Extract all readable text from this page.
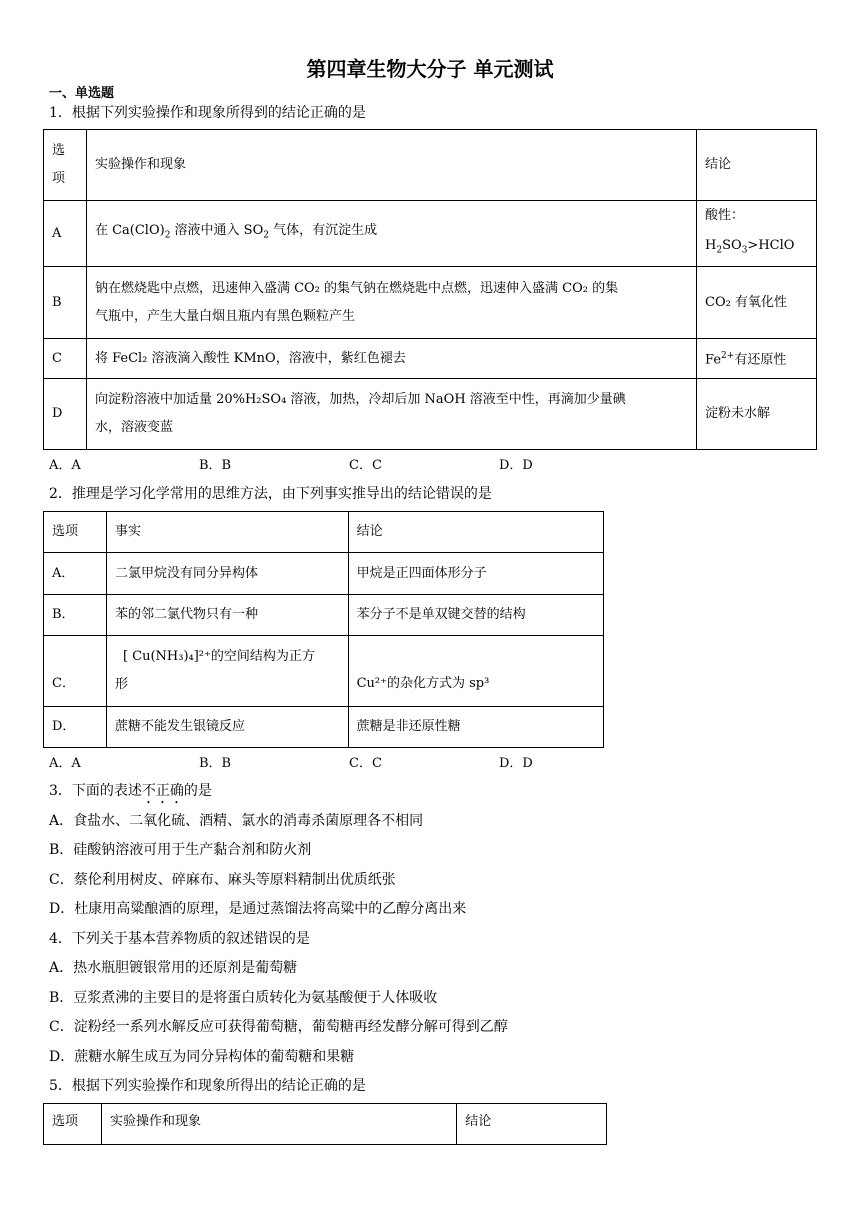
第四章生物大分子 单元测试
一、单选题
1．根据下列实验操作和现象所得到的结论正确的是
选项	实验操作和现象	结论
A	在 $Ca(ClO)_2$ 溶液中通入 $SO_2$ 气体，有沉淀生成	酸性：$H_2SO_3>HClO$
B	钠在燃烧匙中点燃，迅速伸入盛满 CO₂ 的集气钠在燃烧匙中点燃，迅速伸入盛满 CO₂ 的集
气瓶中，产生大量白烟且瓶内有黑色颗粒产生	CO₂ 有氧化性
C	将 FeCl₂ 溶液滴入酸性 KMnO，溶液中，紫红色褪去	$Fe^{2+}$有还原性
D	向淀粉溶液中加适量 20%H₂SO₄ 溶液，加热，冷却后加 NaOH 溶液至中性，再滴加少量碘
水，溶液变蓝	淀粉未水解
A．A	B．B	C．C	D．D
2．推理是学习化学常用的思维方法，由下列事实推导出的结论错误的是
选项	事实	结论
A．	二氯甲烷没有同分异构体	甲烷是正四面体形分子
B．	苯的邻二氯代物只有一种	苯分子不是单双键交替的结构
C．	[ Cu(NH₃)₄]²⁺的空间结构为正方
形	Cu²⁺的杂化方式为 sp³
D．	蔗糖不能发生银镜反应	蔗糖是非还原性糖
A．A	B．B	C．C	D．D
3．下面的表述不正确的是
A．食盐水、二氧化硫、酒精、氯水的消毒杀菌原理各不相同
B．硅酸钠溶液可用于生产黏合剂和防火剂
C．蔡伦利用树皮、碎麻布、麻头等原料精制出优质纸张
D．杜康用高粱酿酒的原理，是通过蒸馏法将高粱中的乙醇分离出来
4．下列关于基本营养物质的叙述错误的是
A．热水瓶胆镀银常用的还原剂是葡萄糖
B．豆浆煮沸的主要目的是将蛋白质转化为氨基酸便于人体吸收
C．淀粉经一系列水解反应可获得葡萄糖，葡萄糖再经发酵分解可得到乙醇
D．蔗糖水解生成互为同分异构体的葡萄糖和果糖
5．根据下列实验操作和现象所得出的结论正确的是
选项	实验操作和现象	结论
